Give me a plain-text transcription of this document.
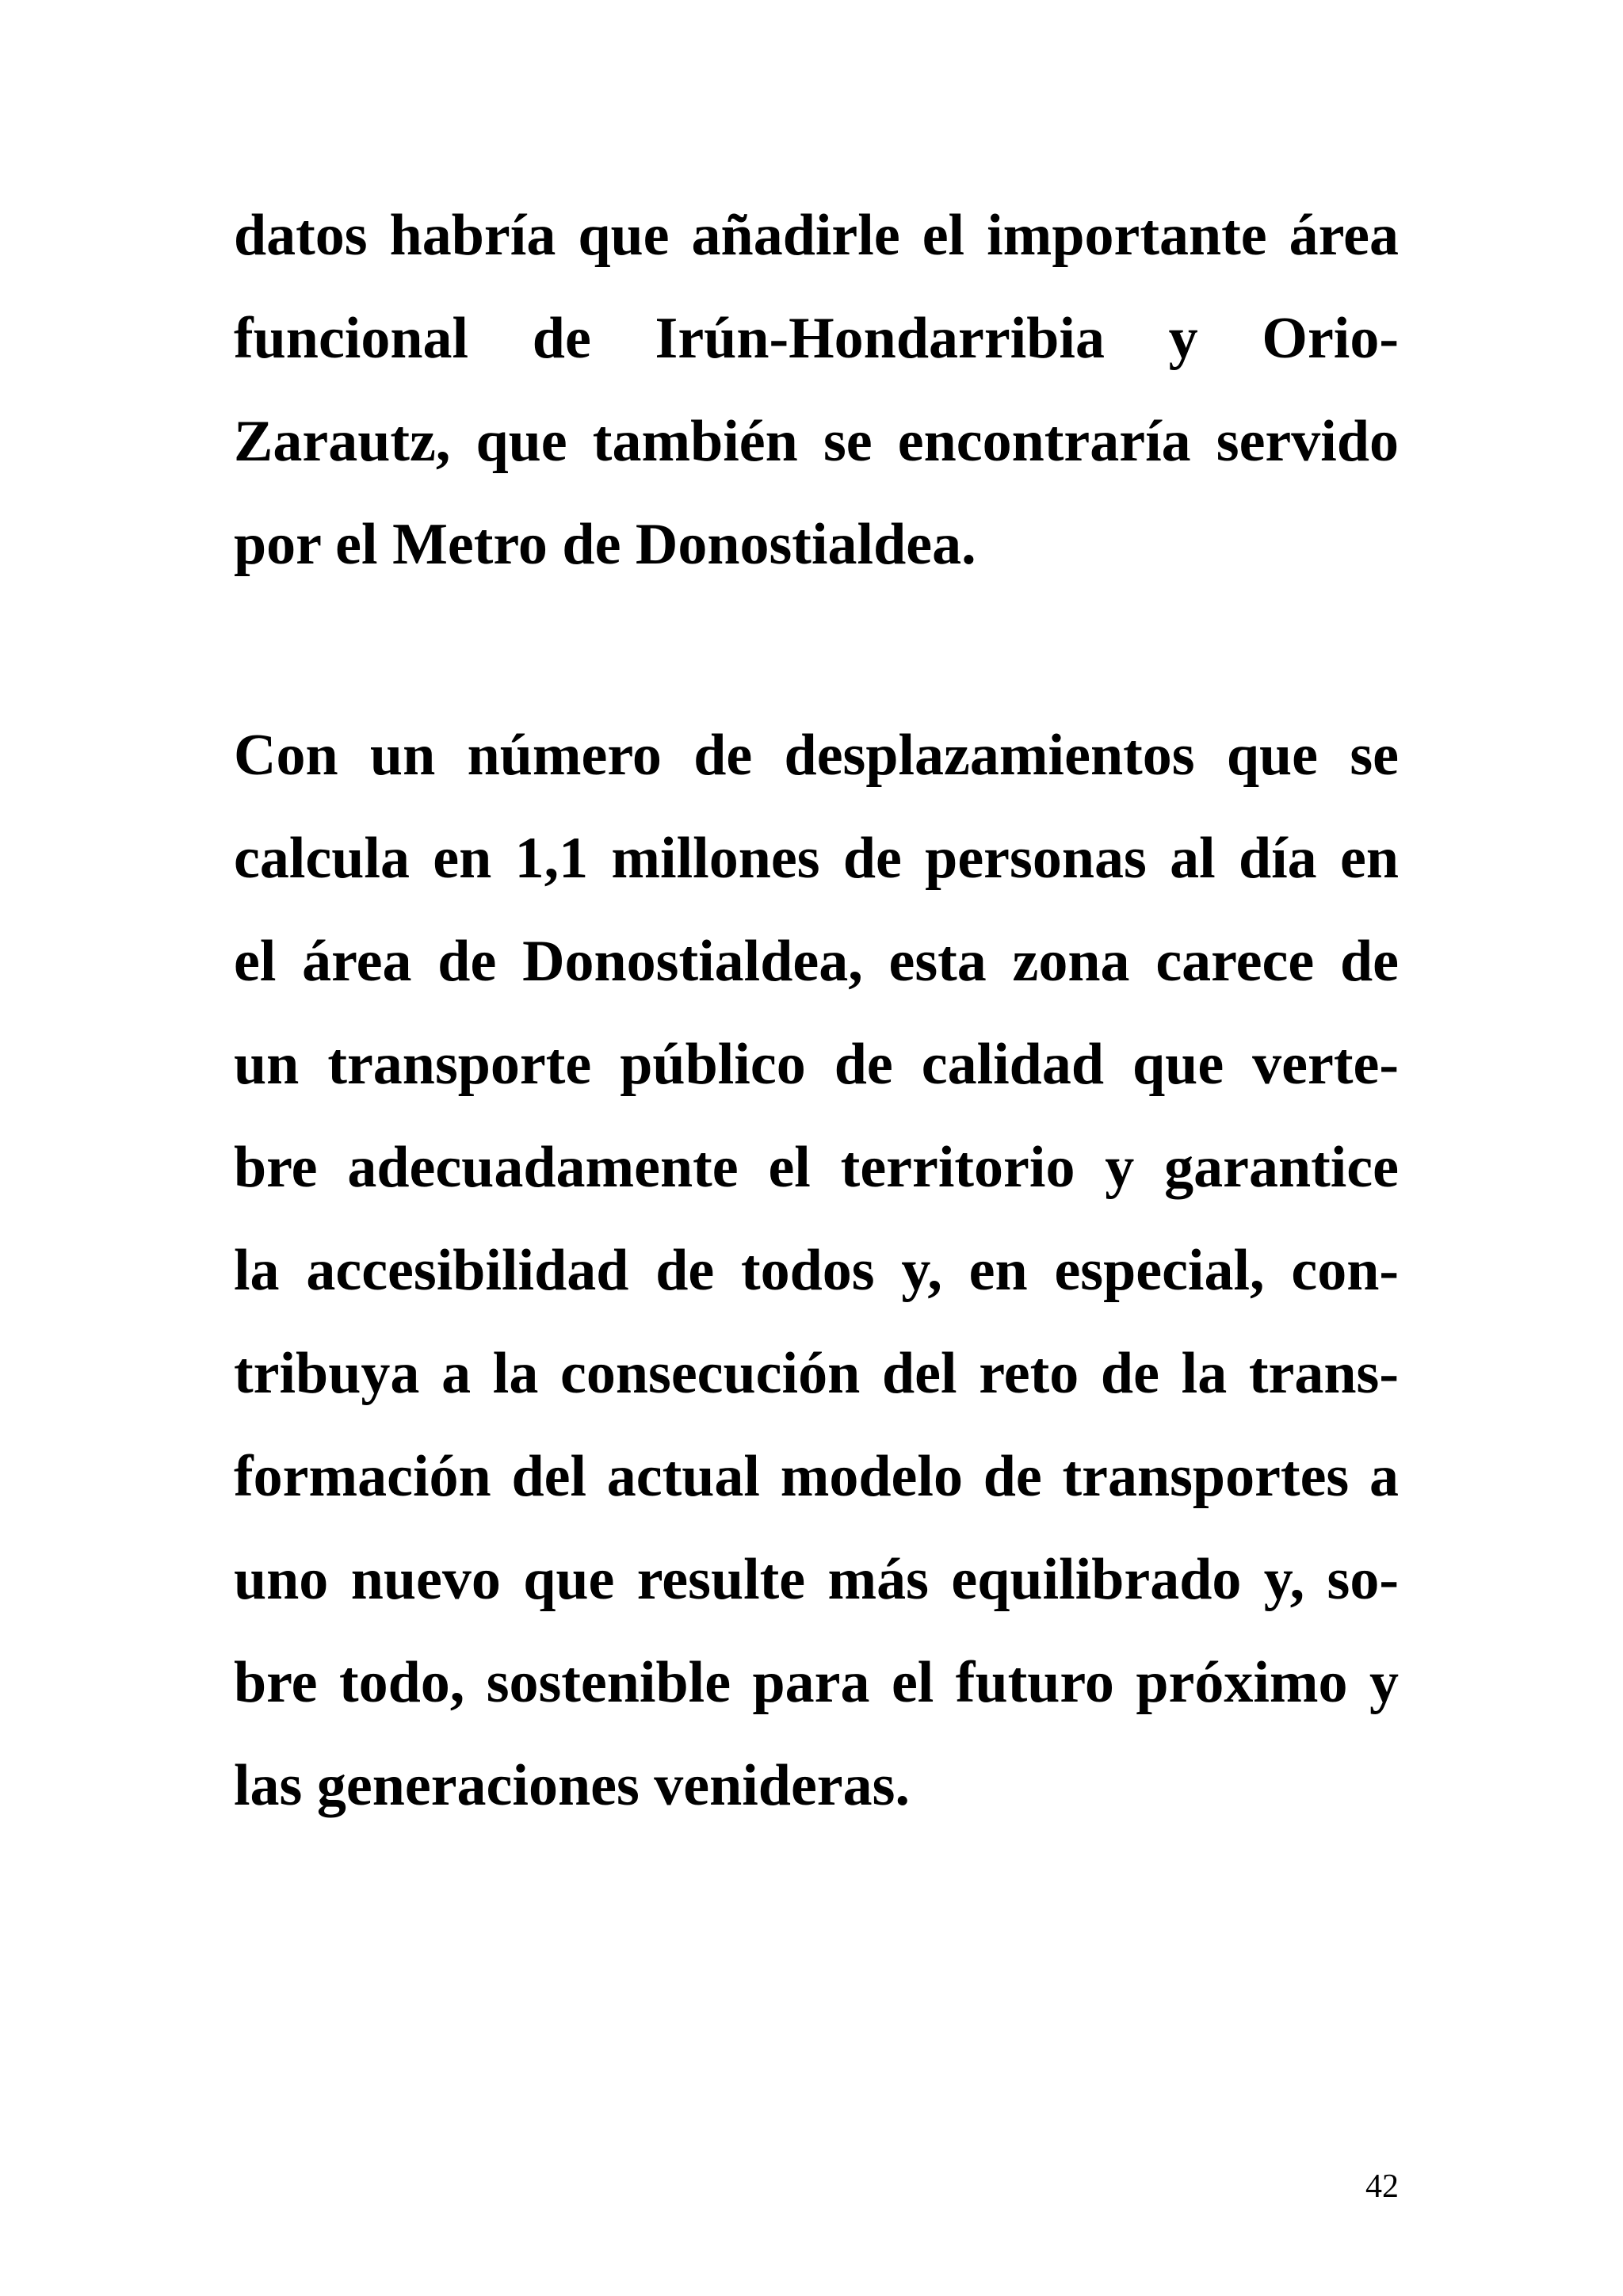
datos habría que añadirle el importante área
funcional de Irún-Hondarribia y Orio-
Zarautz, que también se encontraría servido
por el Metro de Donostialdea.
Con un número de desplazamientos que se
calcula en 1,1 millones de personas al día en
el área de Donostialdea, esta zona carece de
un transporte público de calidad que verte-
bre adecuadamente el territorio y garantice
la accesibilidad de todos y, en especial, con-
tribuya a la consecución del reto de la trans-
formación del actual modelo de transportes a
uno nuevo que resulte más equilibrado y, so-
bre todo, sostenible para el futuro próximo y
las generaciones venideras.
42
